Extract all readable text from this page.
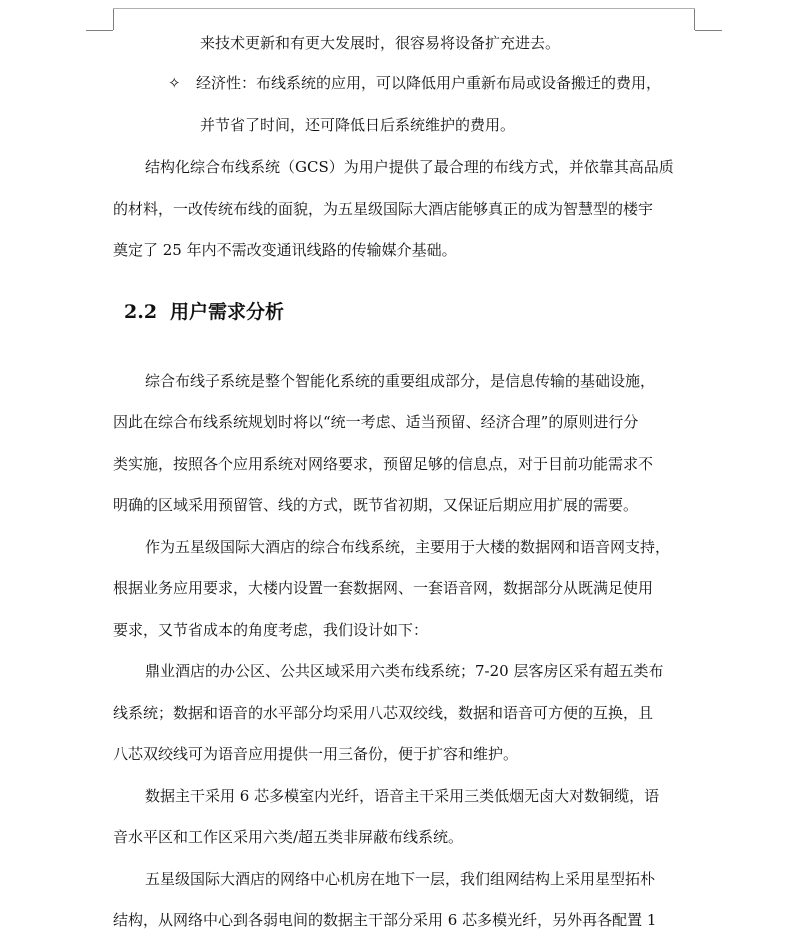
来技术更新和有更大发展时，很容易将设备扩充进去。
✧ 经济性：布线系统的应用，可以降低用户重新布局或设备搬迁的费用，
并节省了时间，还可降低日后系统维护的费用。
结构化综合布线系统（GCS）为用户提供了最合理的布线方式，并依靠其高品质
的材料，一改传统布线的面貌，为五星级国际大酒店能够真正的成为智慧型的楼宇
奠定了 25 年内不需改变通讯线路的传输媒介基础。
2.2 用户需求分析
综合布线子系统是整个智能化系统的重要组成部分，是信息传输的基础设施，
因此在综合布线系统规划时将以“统一考虑、适当预留、经济合理”的原则进行分
类实施，按照各个应用系统对网络要求，预留足够的信息点，对于目前功能需求不
明确的区域采用预留管、线的方式，既节省初期，又保证后期应用扩展的需要。
作为五星级国际大酒店的综合布线系统，主要用于大楼的数据网和语音网支持，
根据业务应用要求，大楼内设置一套数据网、一套语音网，数据部分从既满足使用
要求，又节省成本的角度考虑，我们设计如下：
鼎业酒店的办公区、公共区域采用六类布线系统；7-20 层客房区采有超五类布
线系统；数据和语音的水平部分均采用八芯双绞线，数据和语音可方便的互换，且
八芯双绞线可为语音应用提供一用三备份，便于扩容和维护。
数据主干采用 6 芯多模室内光纤，语音主干采用三类低烟无卤大对数铜缆，语
音水平区和工作区采用六类/超五类非屏蔽布线系统。
五星级国际大酒店的网络中心机房在地下一层，我们组网结构上采用星型拓朴
结构，从网络中心到各弱电间的数据主干部分采用 6 芯多模光纤，另外再各配置 1
